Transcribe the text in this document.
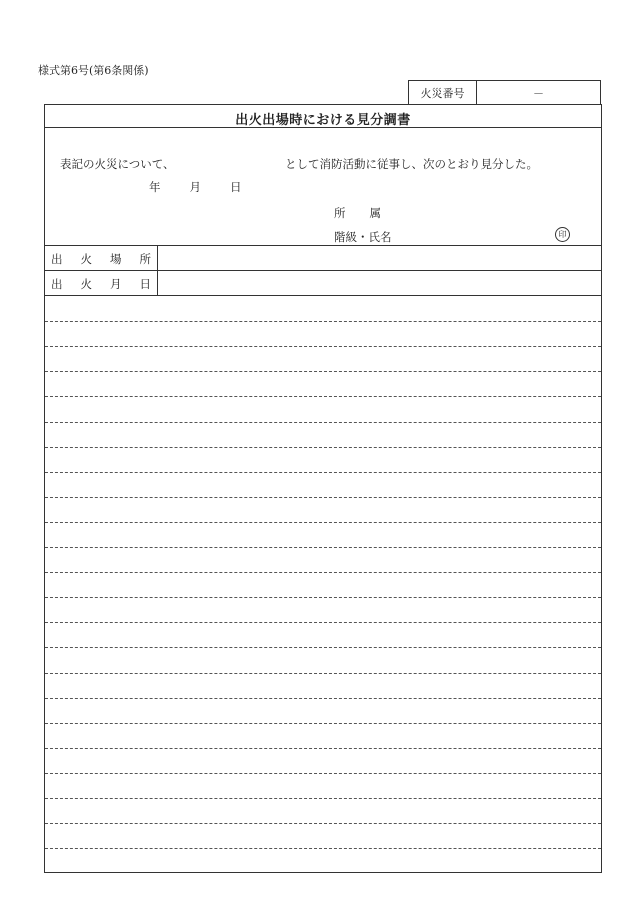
様式第6号(第6条関係)
火災番号	－
出火出場時における見分調書
表記の火災について、	として消防活動に従事し、次のとおり見分した。
年	月	日
所 属
階級・氏名	印
出 火 場 所
出 火 月 日
